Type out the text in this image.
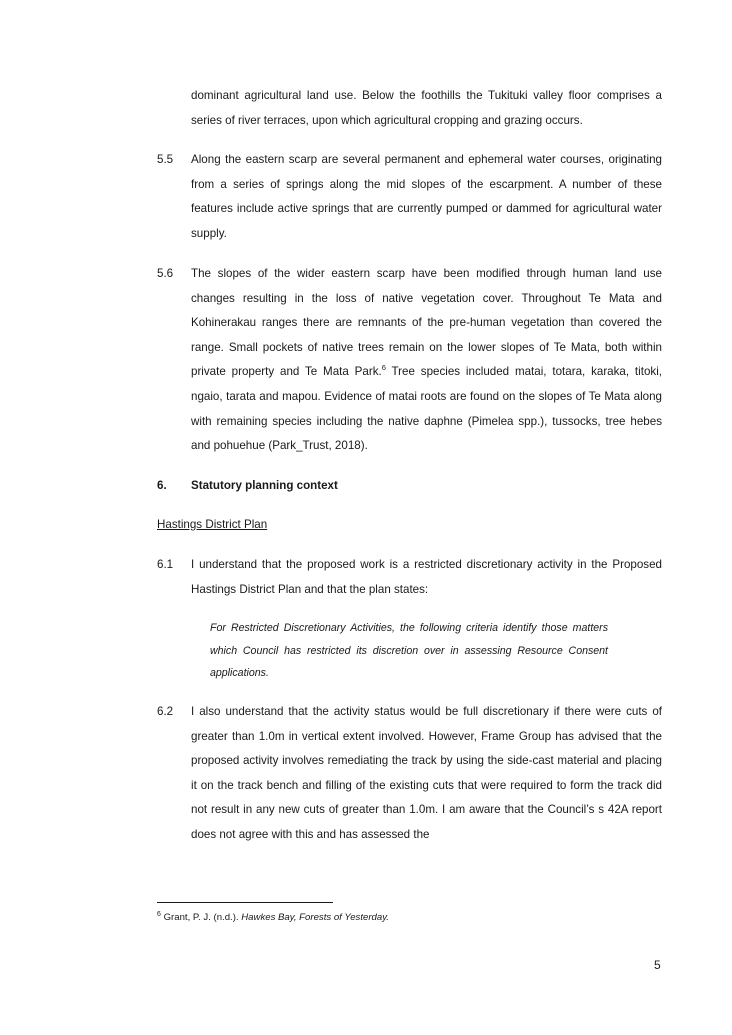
dominant agricultural land use. Below the foothills the Tukituki valley floor comprises a series of river terraces, upon which agricultural cropping and grazing occurs.
5.5 Along the eastern scarp are several permanent and ephemeral water courses, originating from a series of springs along the mid slopes of the escarpment. A number of these features include active springs that are currently pumped or dammed for agricultural water supply.
5.6 The slopes of the wider eastern scarp have been modified through human land use changes resulting in the loss of native vegetation cover. Throughout Te Mata and Kohinerakau ranges there are remnants of the pre-human vegetation than covered the range. Small pockets of native trees remain on the lower slopes of Te Mata, both within private property and Te Mata Park.$^6$ Tree species included matai, totara, karaka, titoki, ngaio, tarata and mapou. Evidence of matai roots are found on the slopes of Te Mata along with remaining species including the native daphne (Pimelea spp.), tussocks, tree hebes and pohuehue (Park_Trust, 2018).
6. Statutory planning context
Hastings District Plan
6.1 I understand that the proposed work is a restricted discretionary activity in the Proposed Hastings District Plan and that the plan states:
For Restricted Discretionary Activities, the following criteria identify those matters which Council has restricted its discretion over in assessing Resource Consent applications.
6.2 I also understand that the activity status would be full discretionary if there were cuts of greater than 1.0m in vertical extent involved. However, Frame Group has advised that the proposed activity involves remediating the track by using the side-cast material and placing it on the track bench and filling of the existing cuts that were required to form the track did not result in any new cuts of greater than 1.0m. I am aware that the Council’s s 42A report does not agree with this and has assessed the
$^6$ Grant, P. J. (n.d.). Hawkes Bay, Forests of Yesterday.
5
